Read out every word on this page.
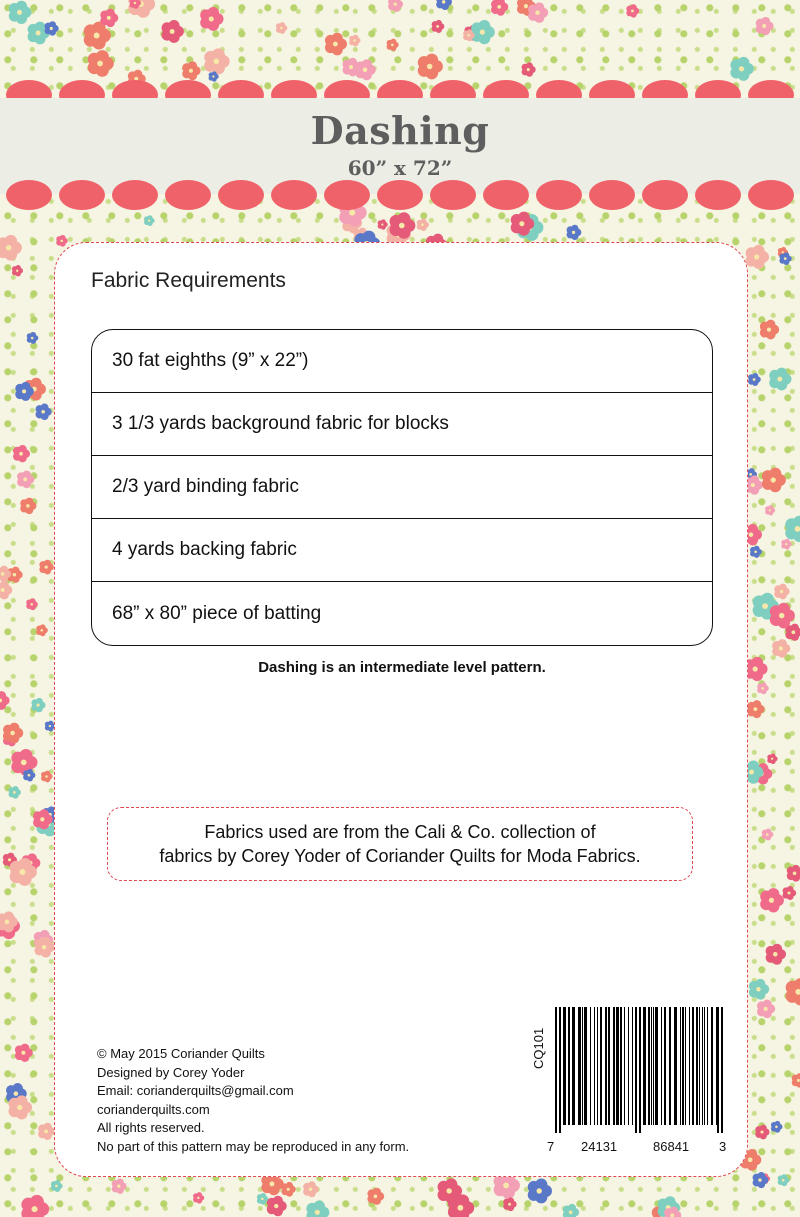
Dashing
60” x 72”
Fabric Requirements
30 fat eighths (9” x 22”)
3 1/3 yards background fabric for blocks
2/3 yard binding fabric
4 yards backing fabric
68” x 80” piece of batting
Dashing is an intermediate level pattern.
Fabrics used are from the Cali & Co. collection of
fabrics by Corey Yoder of Coriander Quilts for Moda Fabrics.
© May 2015 Coriander Quilts
Designed by Corey Yoder
Email: corianderquilts@gmail.com
corianderquilts.com
All rights reserved.
No part of this pattern may be reproduced in any form.
CQ101
7 24131	86841 3
